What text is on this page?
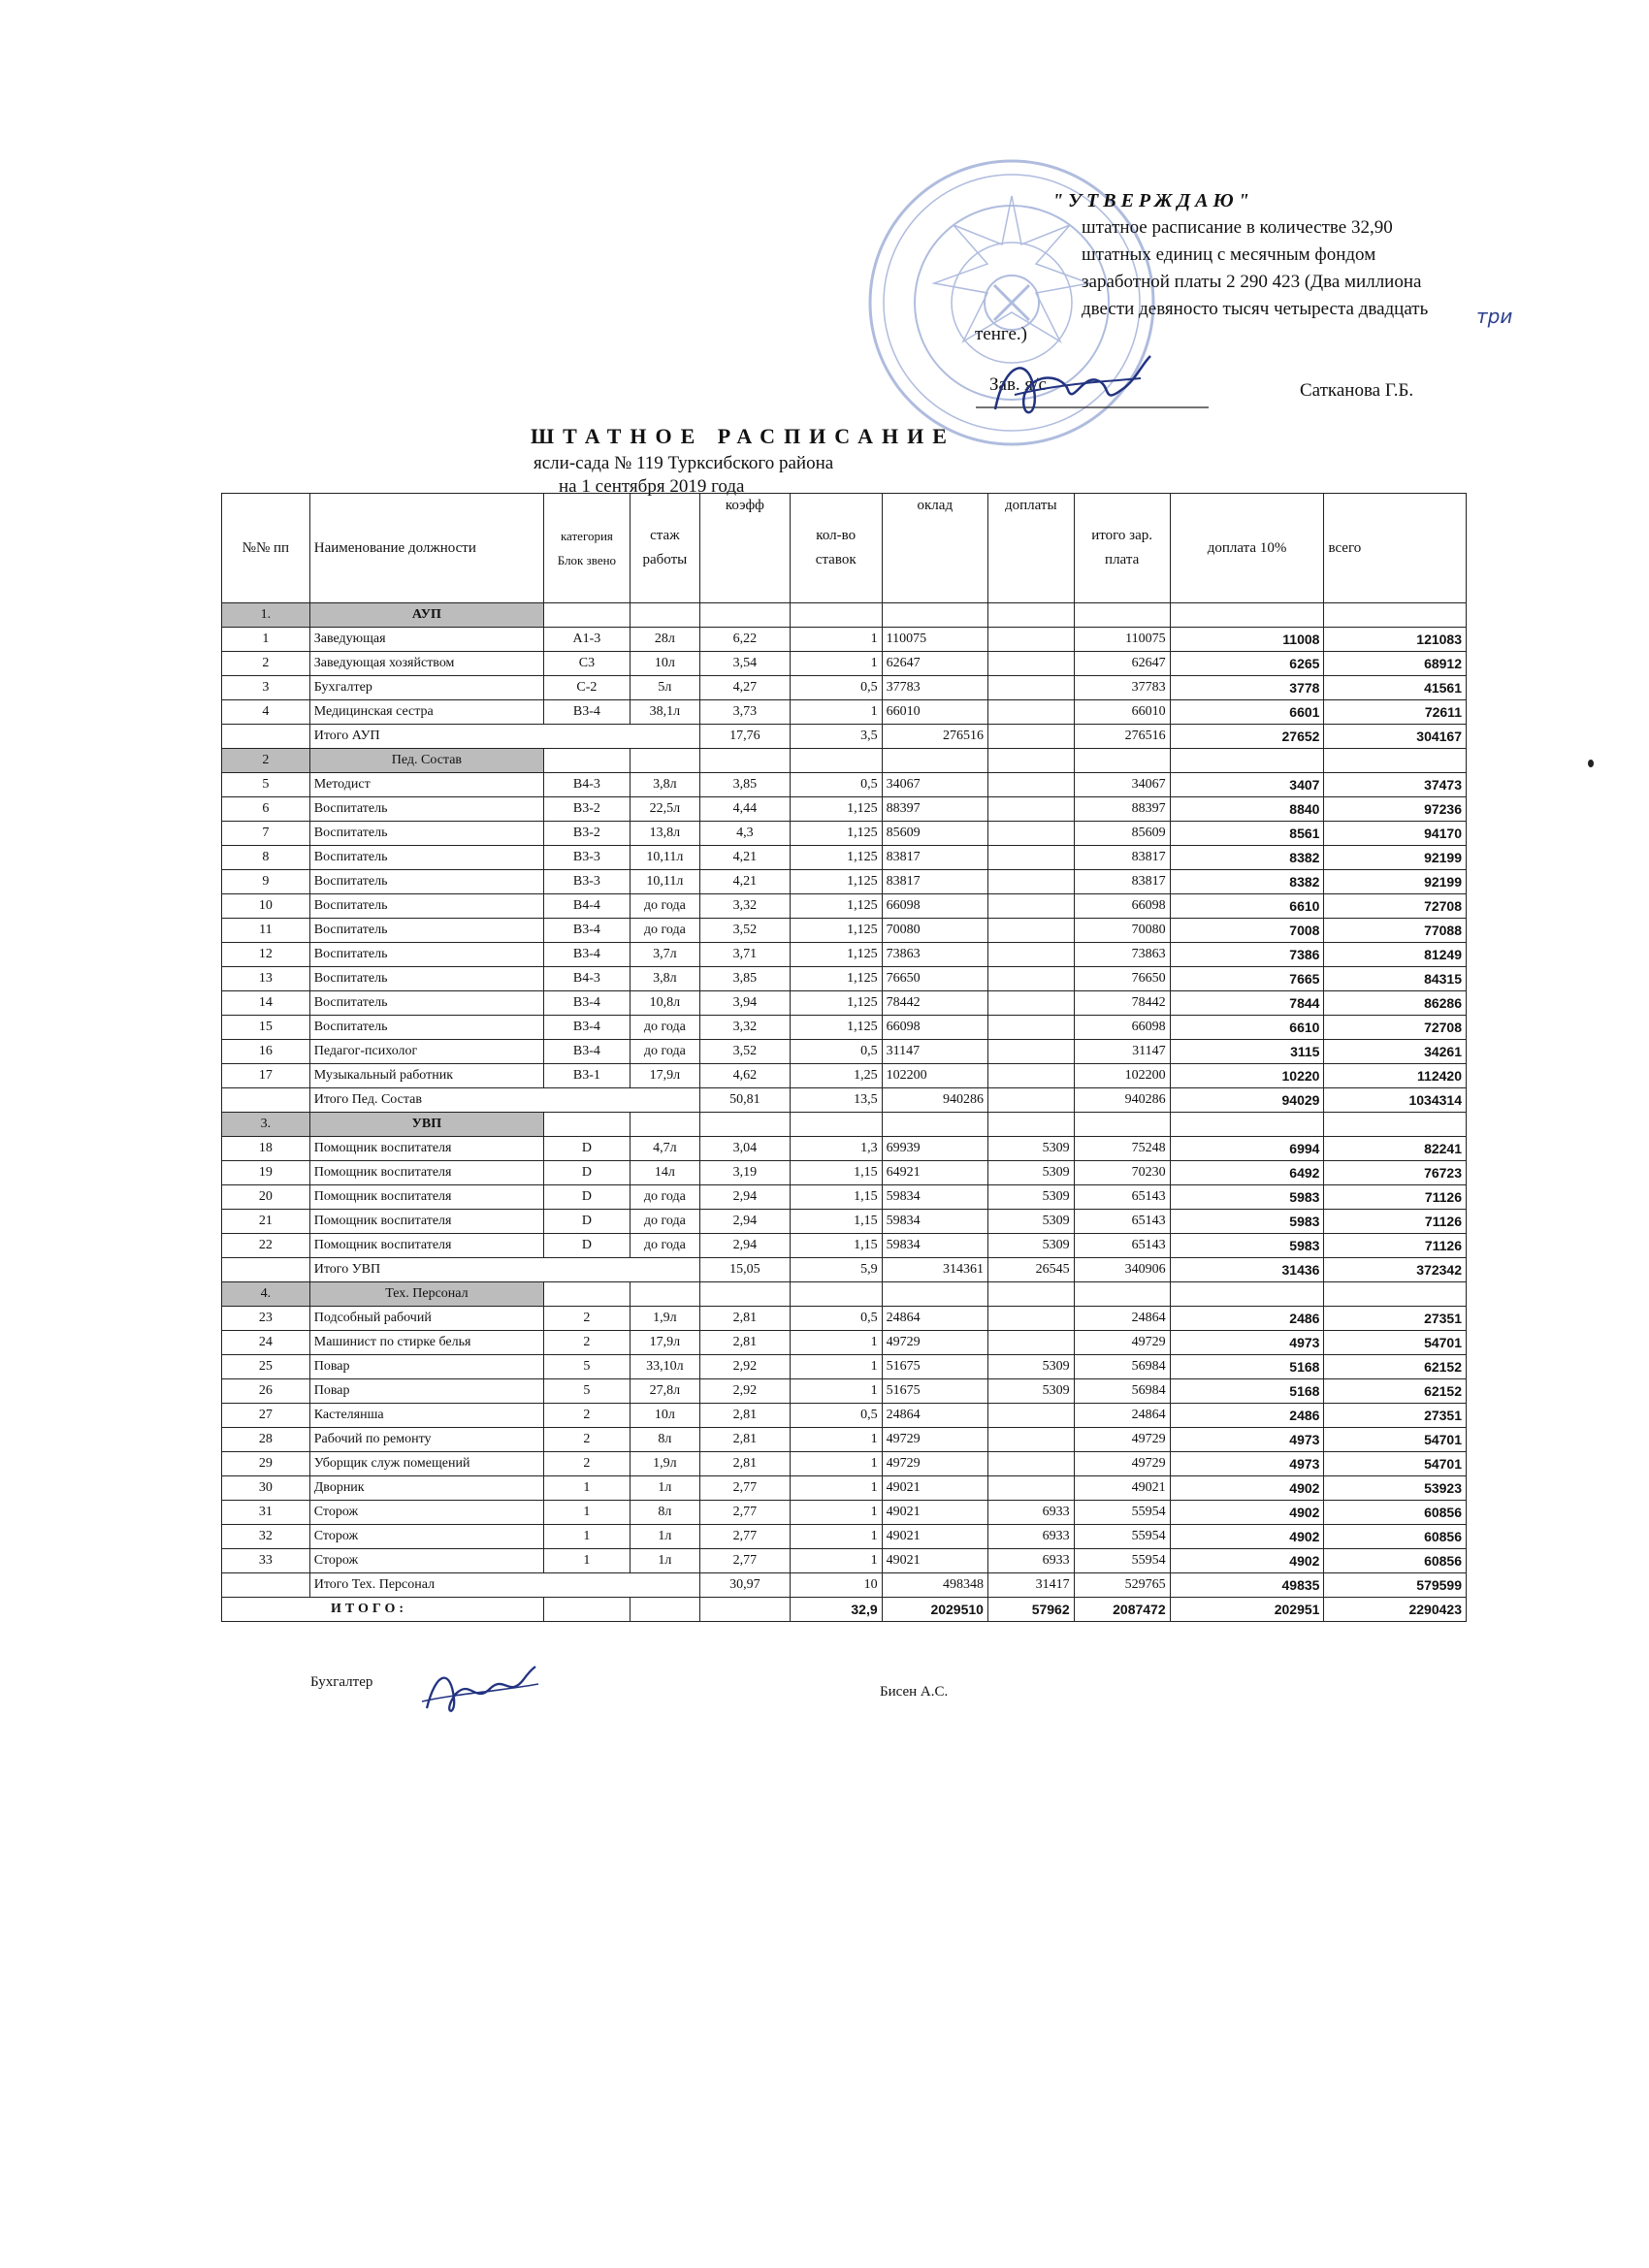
"УТВЕРЖДАЮ"
штатное расписание в количестве 32,90
штатных единиц с месячным фондом
заработной платы 2 290 423 (Два миллиона
двести девяносто тысяч четыреста двадцать
тенге.)
Зав. я/с	Сатканова Г.Б.
три
ШТАТНОЕ РАСПИСАНИЕ
ясли-сада № 119 Турксибского района
на 1 сентября 2019 года
№№ пп	Наименование должности	категория Блок звено	стаж работы	коэфф	кол-во ставок	оклад	доплаты	итого зар. плата	доплата 10%	всего
1.	АУП									
1	Заведующая	А1-3	28л	6,22	1	110075		110075	11008	121083
2	Заведующая хозяйством	С3	10л	3,54	1	62647		62647	6265	68912
3	Бухгалтер	С-2	5л	4,27	0,5	37783		37783	3778	41561
4	Медицинская сестра	В3-4	38,1л	3,73	1	66010		66010	6601	72611
	Итого АУП			17,76	3,5	276516		276516	27652	304167
2	Пед. Состав									
5	Методист	В4-3	3,8л	3,85	0,5	34067		34067	3407	37473
6	Воспитатель	В3-2	22,5л	4,44	1,125	88397		88397	8840	97236
7	Воспитатель	В3-2	13,8л	4,3	1,125	85609		85609	8561	94170
8	Воспитатель	В3-3	10,11л	4,21	1,125	83817		83817	8382	92199
9	Воспитатель	В3-3	10,11л	4,21	1,125	83817		83817	8382	92199
10	Воспитатель	В4-4	до года	3,32	1,125	66098		66098	6610	72708
11	Воспитатель	В3-4	до года	3,52	1,125	70080		70080	7008	77088
12	Воспитатель	В3-4	3,7л	3,71	1,125	73863		73863	7386	81249
13	Воспитатель	В4-3	3,8л	3,85	1,125	76650		76650	7665	84315
14	Воспитатель	В3-4	10,8л	3,94	1,125	78442		78442	7844	86286
15	Воспитатель	В3-4	до года	3,32	1,125	66098		66098	6610	72708
16	Педагог-психолог	В3-4	до года	3,52	0,5	31147		31147	3115	34261
17	Музыкальный работник	В3-1	17,9л	4,62	1,25	102200		102200	10220	112420
	Итого Пед. Состав			50,81	13,5	940286		940286	94029	1034314
3.	УВП									
18	Помощник воспитателя	D	4,7л	3,04	1,3	69939	5309	75248	6994	82241
19	Помощник воспитателя	D	14л	3,19	1,15	64921	5309	70230	6492	76723
20	Помощник воспитателя	D	до года	2,94	1,15	59834	5309	65143	5983	71126
21	Помощник воспитателя	D	до года	2,94	1,15	59834	5309	65143	5983	71126
22	Помощник воспитателя	D	до года	2,94	1,15	59834	5309	65143	5983	71126
	Итого УВП			15,05	5,9	314361	26545	340906	31436	372342
4.	Тех. Персонал									
23	Подсобный рабочий	2	1,9л	2,81	0,5	24864		24864	2486	27351
24	Машинист по стирке белья	2	17,9л	2,81	1	49729		49729	4973	54701
25	Повар	5	33,10л	2,92	1	51675	5309	56984	5168	62152
26	Повар	5	27,8л	2,92	1	51675	5309	56984	5168	62152
27	Кастелянша	2	10л	2,81	0,5	24864		24864	2486	27351
28	Рабочий по ремонту	2	8л	2,81	1	49729		49729	4973	54701
29	Уборщик служ помещений	2	1,9л	2,81	1	49729		49729	4973	54701
30	Дворник	1	1л	2,77	1	49021		49021	4902	53923
31	Сторож	1	8л	2,77	1	49021	6933	55954	4902	60856
32	Сторож	1	1л	2,77	1	49021	6933	55954	4902	60856
33	Сторож	1	1л	2,77	1	49021	6933	55954	4902	60856
	Итого Тех. Персонал			30,97	10	498348	31417	529765	49835	579599
ИТОГО:					32,9	2029510	57962	2087472	202951	2290423
Бухгалтер
Бисен А.С.
